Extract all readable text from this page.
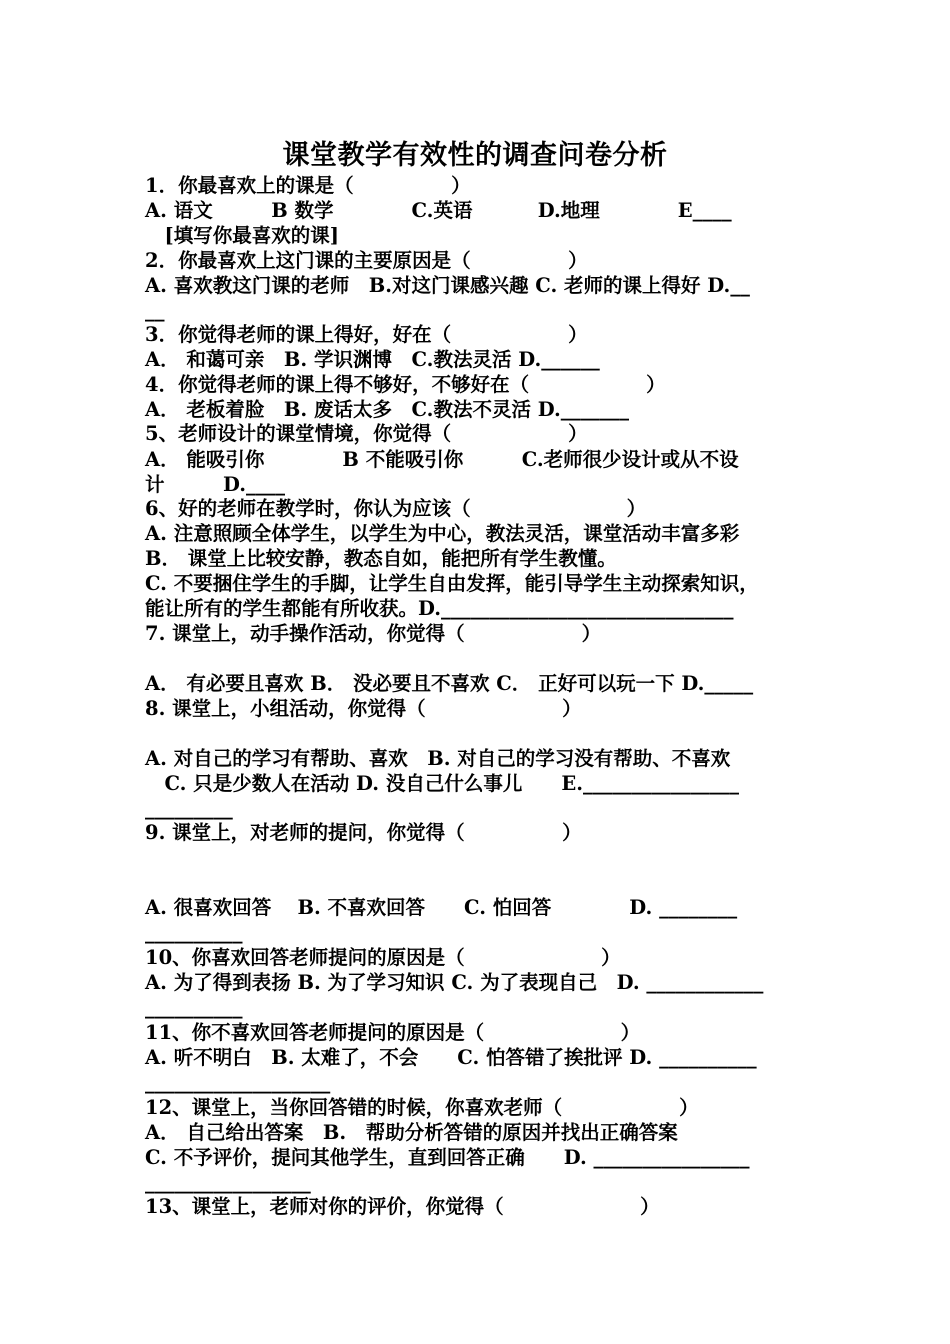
课堂教学有效性的调查问卷分析
1．你最喜欢上的课是（　　　　　）
A. 语文　　　B 数学　　　　C.英语　　　 D.地理　　　　E____
　[填写你最喜欢的课]
2．你最喜欢上这门课的主要原因是（　　　　　）
A. 喜欢教这门课的老师　B.对这门课感兴趣 C. 老师的课上得好 D.__
__
3．你觉得老师的课上得好，好在（　　　　　　）
A． 和蔼可亲　B. 学识渊博　C.教法灵活 D.______
4．你觉得老师的课上得不够好，不够好在（　　　　　　）
A． 老板着脸　B. 废话太多　C.教法不灵活 D._______
5、老师设计的课堂情境，你觉得（　　　　　　）
A． 能吸引你　　　　B 不能吸引你　　　C.老师很少设计或从不设
计　　　D.____
6、好的老师在教学时，你认为应该（　　　　　　　　）
A. 注意照顾全体学生，以学生为中心，教法灵活，课堂活动丰富多彩
B． 课堂上比较安静，教态自如，能把所有学生教懂。
C. 不要捆住学生的手脚，让学生自由发挥，能引导学生主动探索知识，
能让所有的学生都能有所收获。D.______________________________
7. 课堂上，动手操作活动，你觉得（　　　　　　）
A． 有必要且喜欢 B． 没必要且不喜欢 C． 正好可以玩一下 D._____
8. 课堂上，小组活动，你觉得（　　　　　　　）
A. 对自己的学习有帮助、喜欢　B. 对自己的学习没有帮助、不喜欢
　C. 只是少数人在活动 D. 没自己什么事儿　　E.________________
_________
9. 课堂上，对老师的提问，你觉得（　　　　　）
A. 很喜欢回答　 B. 不喜欢回答　　C. 怕回答　　　　D. ________
__________
10、你喜欢回答老师提问的原因是（　　　　　　　）
A. 为了得到表扬 B. 为了学习知识 C. 为了表现自己　D. ____________
__________
11、你不喜欢回答老师提问的原因是（　　　　　　　）
A. 听不明白　B. 太难了，不会　　C. 怕答错了挨批评 D. __________
___________________
12、课堂上，当你回答错的时候，你喜欢老师（　　　　　　）
A． 自己给出答案　B.　帮助分析答错的原因并找出正确答案
C. 不予评价，提问其他学生，直到回答正确　　D. ________________
_________________
13、课堂上，老师对你的评价，你觉得（　　　　　　　）
